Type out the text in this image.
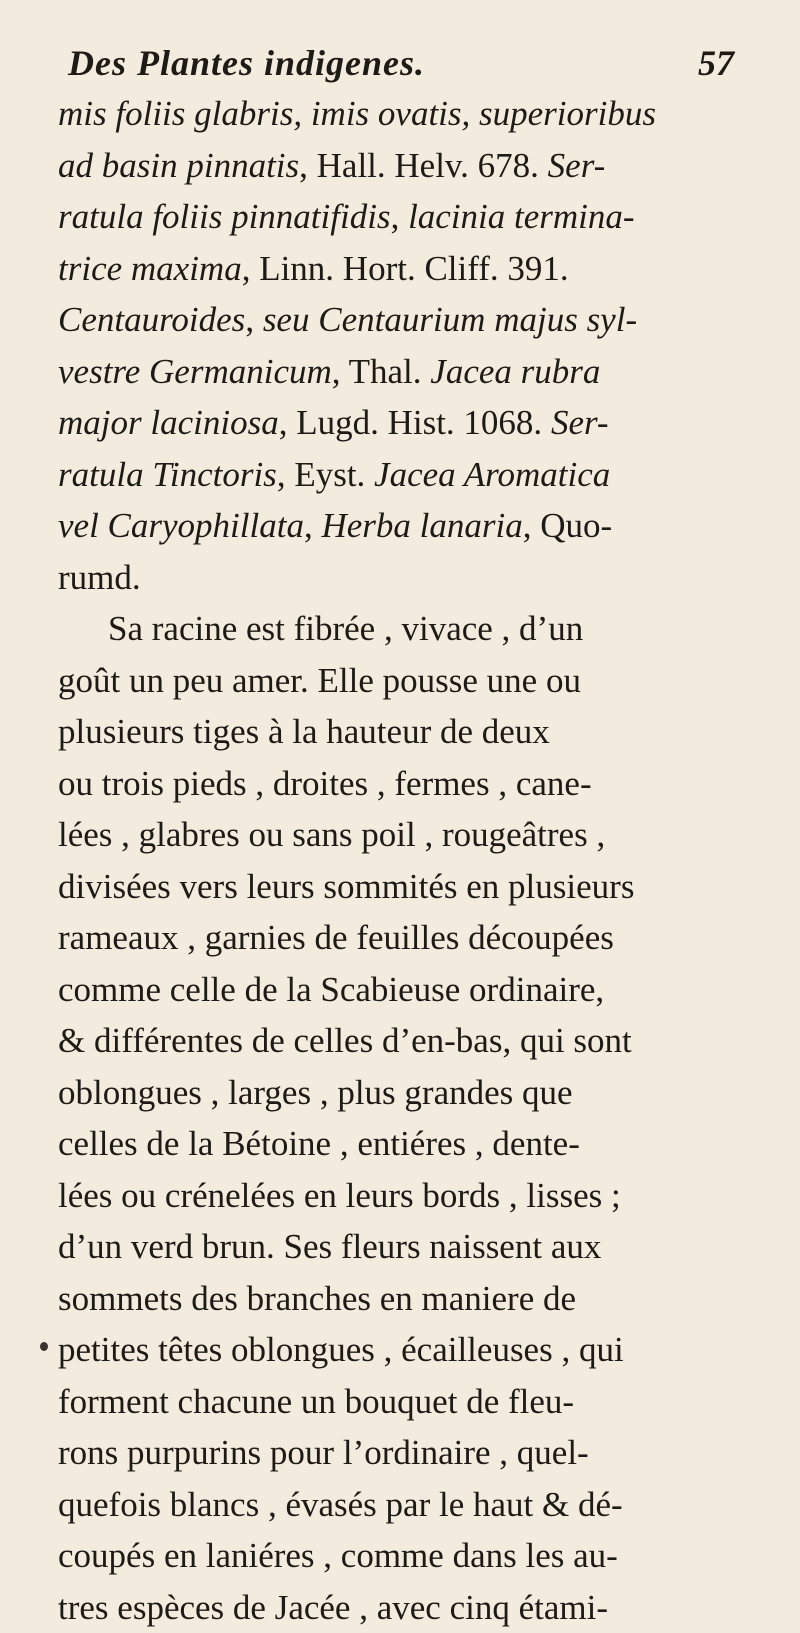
Des Plantes indigenes.	57
mis foliis glabris, imis ovatis, superioribus
ad basin pinnatis, Hall. Helv. 678. Ser-
ratula foliis pinnatifidis, lacinia termina-
trice maxima, Linn. Hort. Cliff. 391.
Centauroides, seu Centaurium majus syl-
vestre Germanicum, Thal. Jacea rubra
major laciniosa, Lugd. Hist. 1068. Ser-
ratula Tinctoris, Eyst. Jacea Aromatica
vel Caryophillata, Herba lanaria, Quo-
rumd.
Sa racine est fibrée , vivace , d’un
goût un peu amer. Elle pousse une ou
plusieurs tiges à la hauteur de deux
ou trois pieds , droites , fermes , cane-
lées , glabres ou sans poil , rougeâtres ,
divisées vers leurs sommités en plusieurs
rameaux , garnies de feuilles découpées
comme celle de la Scabieuse ordinaire,
& différentes de celles d’en-bas, qui sont
oblongues , larges , plus grandes que
celles de la Bétoine , entiéres , dente-
lées ou crénelées en leurs bords , lisses ;
d’un verd brun. Ses fleurs naissent aux
sommets des branches en maniere de
petites têtes oblongues , écailleuses , qui
forment chacune un bouquet de fleu-
rons purpurins pour l’ordinaire , quel-
quefois blancs , évasés par le haut & dé-
coupés en laniéres , comme dans les au-
tres espèces de Jacée , avec cinq étami-
